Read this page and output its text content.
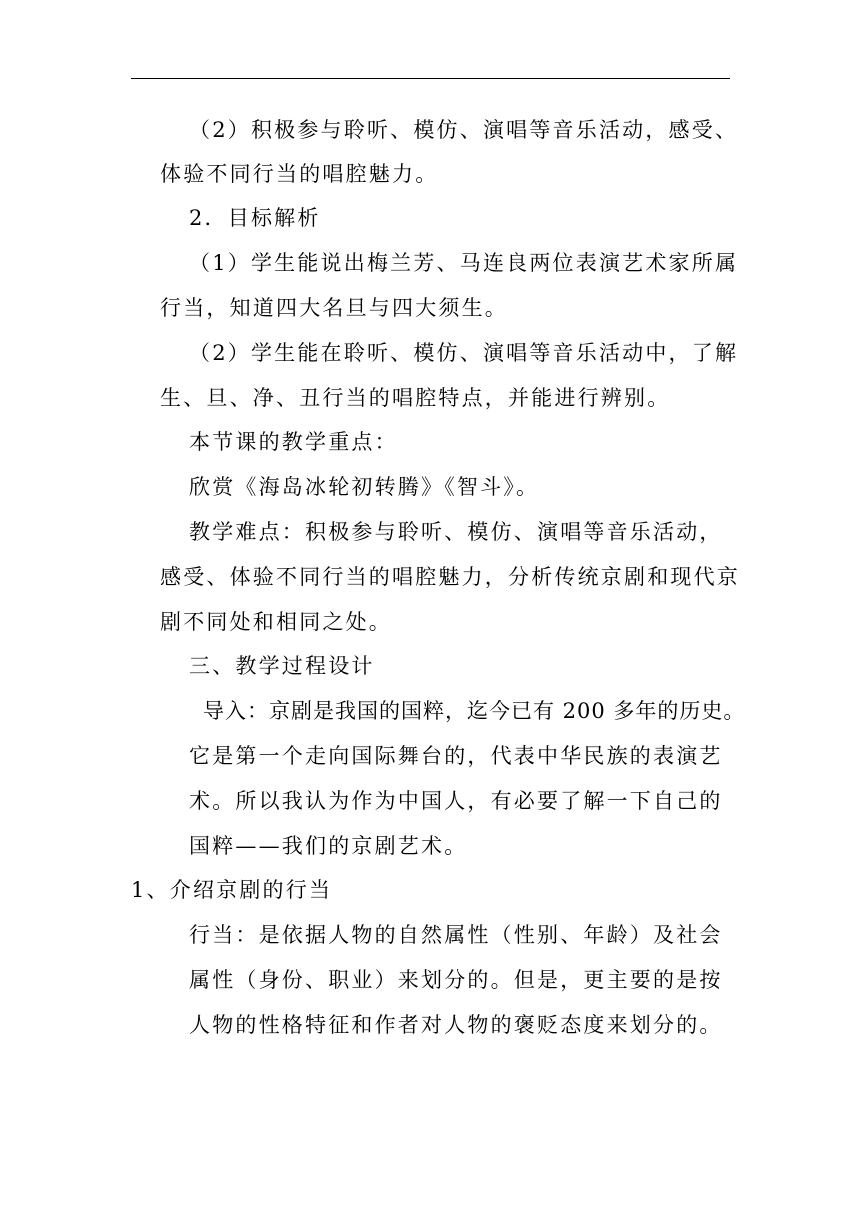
（2）积极参与聆听、模仿、演唱等音乐活动，感受、
体验不同行当的唱腔魅力。
2．目标解析
（1）学生能说出梅兰芳、马连良两位表演艺术家所属
行当，知道四大名旦与四大须生。
（2）学生能在聆听、模仿、演唱等音乐活动中，了解
生、旦、净、丑行当的唱腔特点，并能进行辨别。
本节课的教学重点：
欣赏《海岛冰轮初转腾》《智斗》。
教学难点：积极参与聆听、模仿、演唱等音乐活动，
感受、体验不同行当的唱腔魅力，分析传统京剧和现代京
剧不同处和相同之处。
三、教学过程设计
导入：京剧是我国的国粹，迄今已有 200 多年的历史。
它是第一个走向国际舞台的，代表中华民族的表演艺
术。所以我认为作为中国人，有必要了解一下自己的
国粹——我们的京剧艺术。
1、介绍京剧的行当
行当：是依据人物的自然属性（性别、年龄）及社会
属性（身份、职业）来划分的。但是，更主要的是按
人物的性格特征和作者对人物的褒贬态度来划分的。
